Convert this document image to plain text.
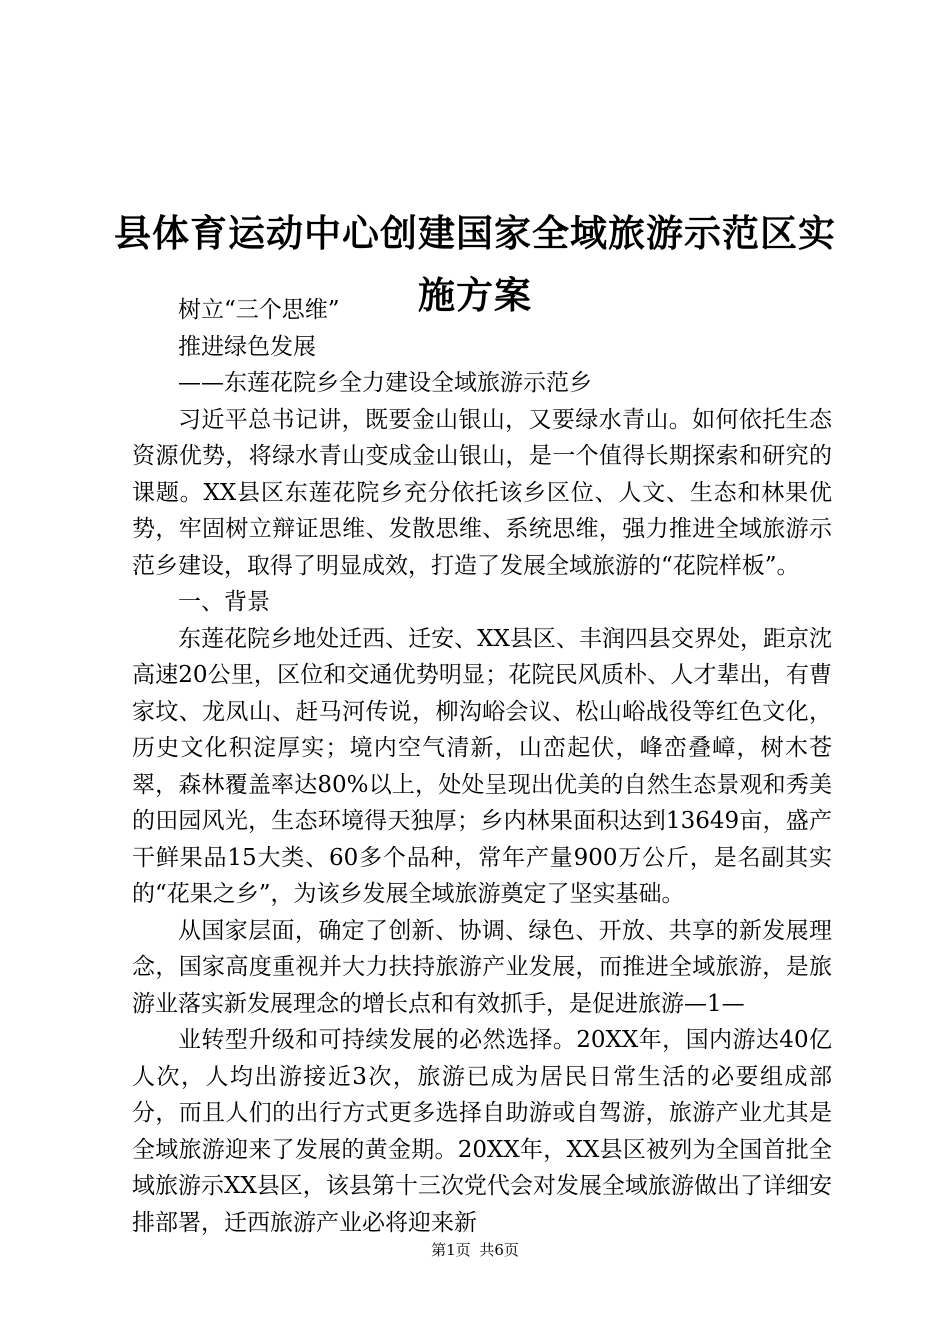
县体育运动中心创建国家全域旅游示范区实施方案

树立“三个思维”

推进绿色发展

——东莲花院乡全力建设全域旅游示范乡

习近平总书记讲，既要金山银山，又要绿水青山。如何依托生态资源优势，将绿水青山变成金山银山，是一个值得长期探索和研究的课题。XX县区东莲花院乡充分依托该乡区位、人文、生态和林果优势，牢固树立辩证思维、发散思维、系统思维，强力推进全域旅游示范乡建设，取得了明显成效，打造了发展全域旅游的“花院样板”。

一、背景

东莲花院乡地处迁西、迁安、XX县区、丰润四县交界处，距京沈高速20公里，区位和交通优势明显；花院民风质朴、人才辈出，有曹家坟、龙凤山、赶马河传说，柳沟峪会议、松山峪战役等红色文化，历史文化积淀厚实；境内空气清新，山峦起伏，峰峦叠嶂，树木苍翠，森林覆盖率达80%以上，处处呈现出优美的自然生态景观和秀美的田园风光，生态环境得天独厚；乡内林果面积达到13649亩，盛产干鲜果品15大类、60多个品种，常年产量900万公斤，是名副其实的“花果之乡”，为该乡发展全域旅游奠定了坚实基础。

从国家层面，确定了创新、协调、绿色、开放、共享的新发展理念，国家高度重视并大力扶持旅游产业发展，而推进全域旅游，是旅游业落实新发展理念的增长点和有效抓手，是促进旅游—1—

业转型升级和可持续发展的必然选择。20XX年，国内游达40亿人次，人均出游接近3次，旅游已成为居民日常生活的必要组成部分，而且人们的出行方式更多选择自助游或自驾游，旅游产业尤其是全域旅游迎来了发展的黄金期。20XX年，XX县区被列为全国首批全域旅游示XX县区，该县第十三次党代会对发展全域旅游做出了详细安排部署，迁西旅游产业必将迎来新

第1页 共6页
